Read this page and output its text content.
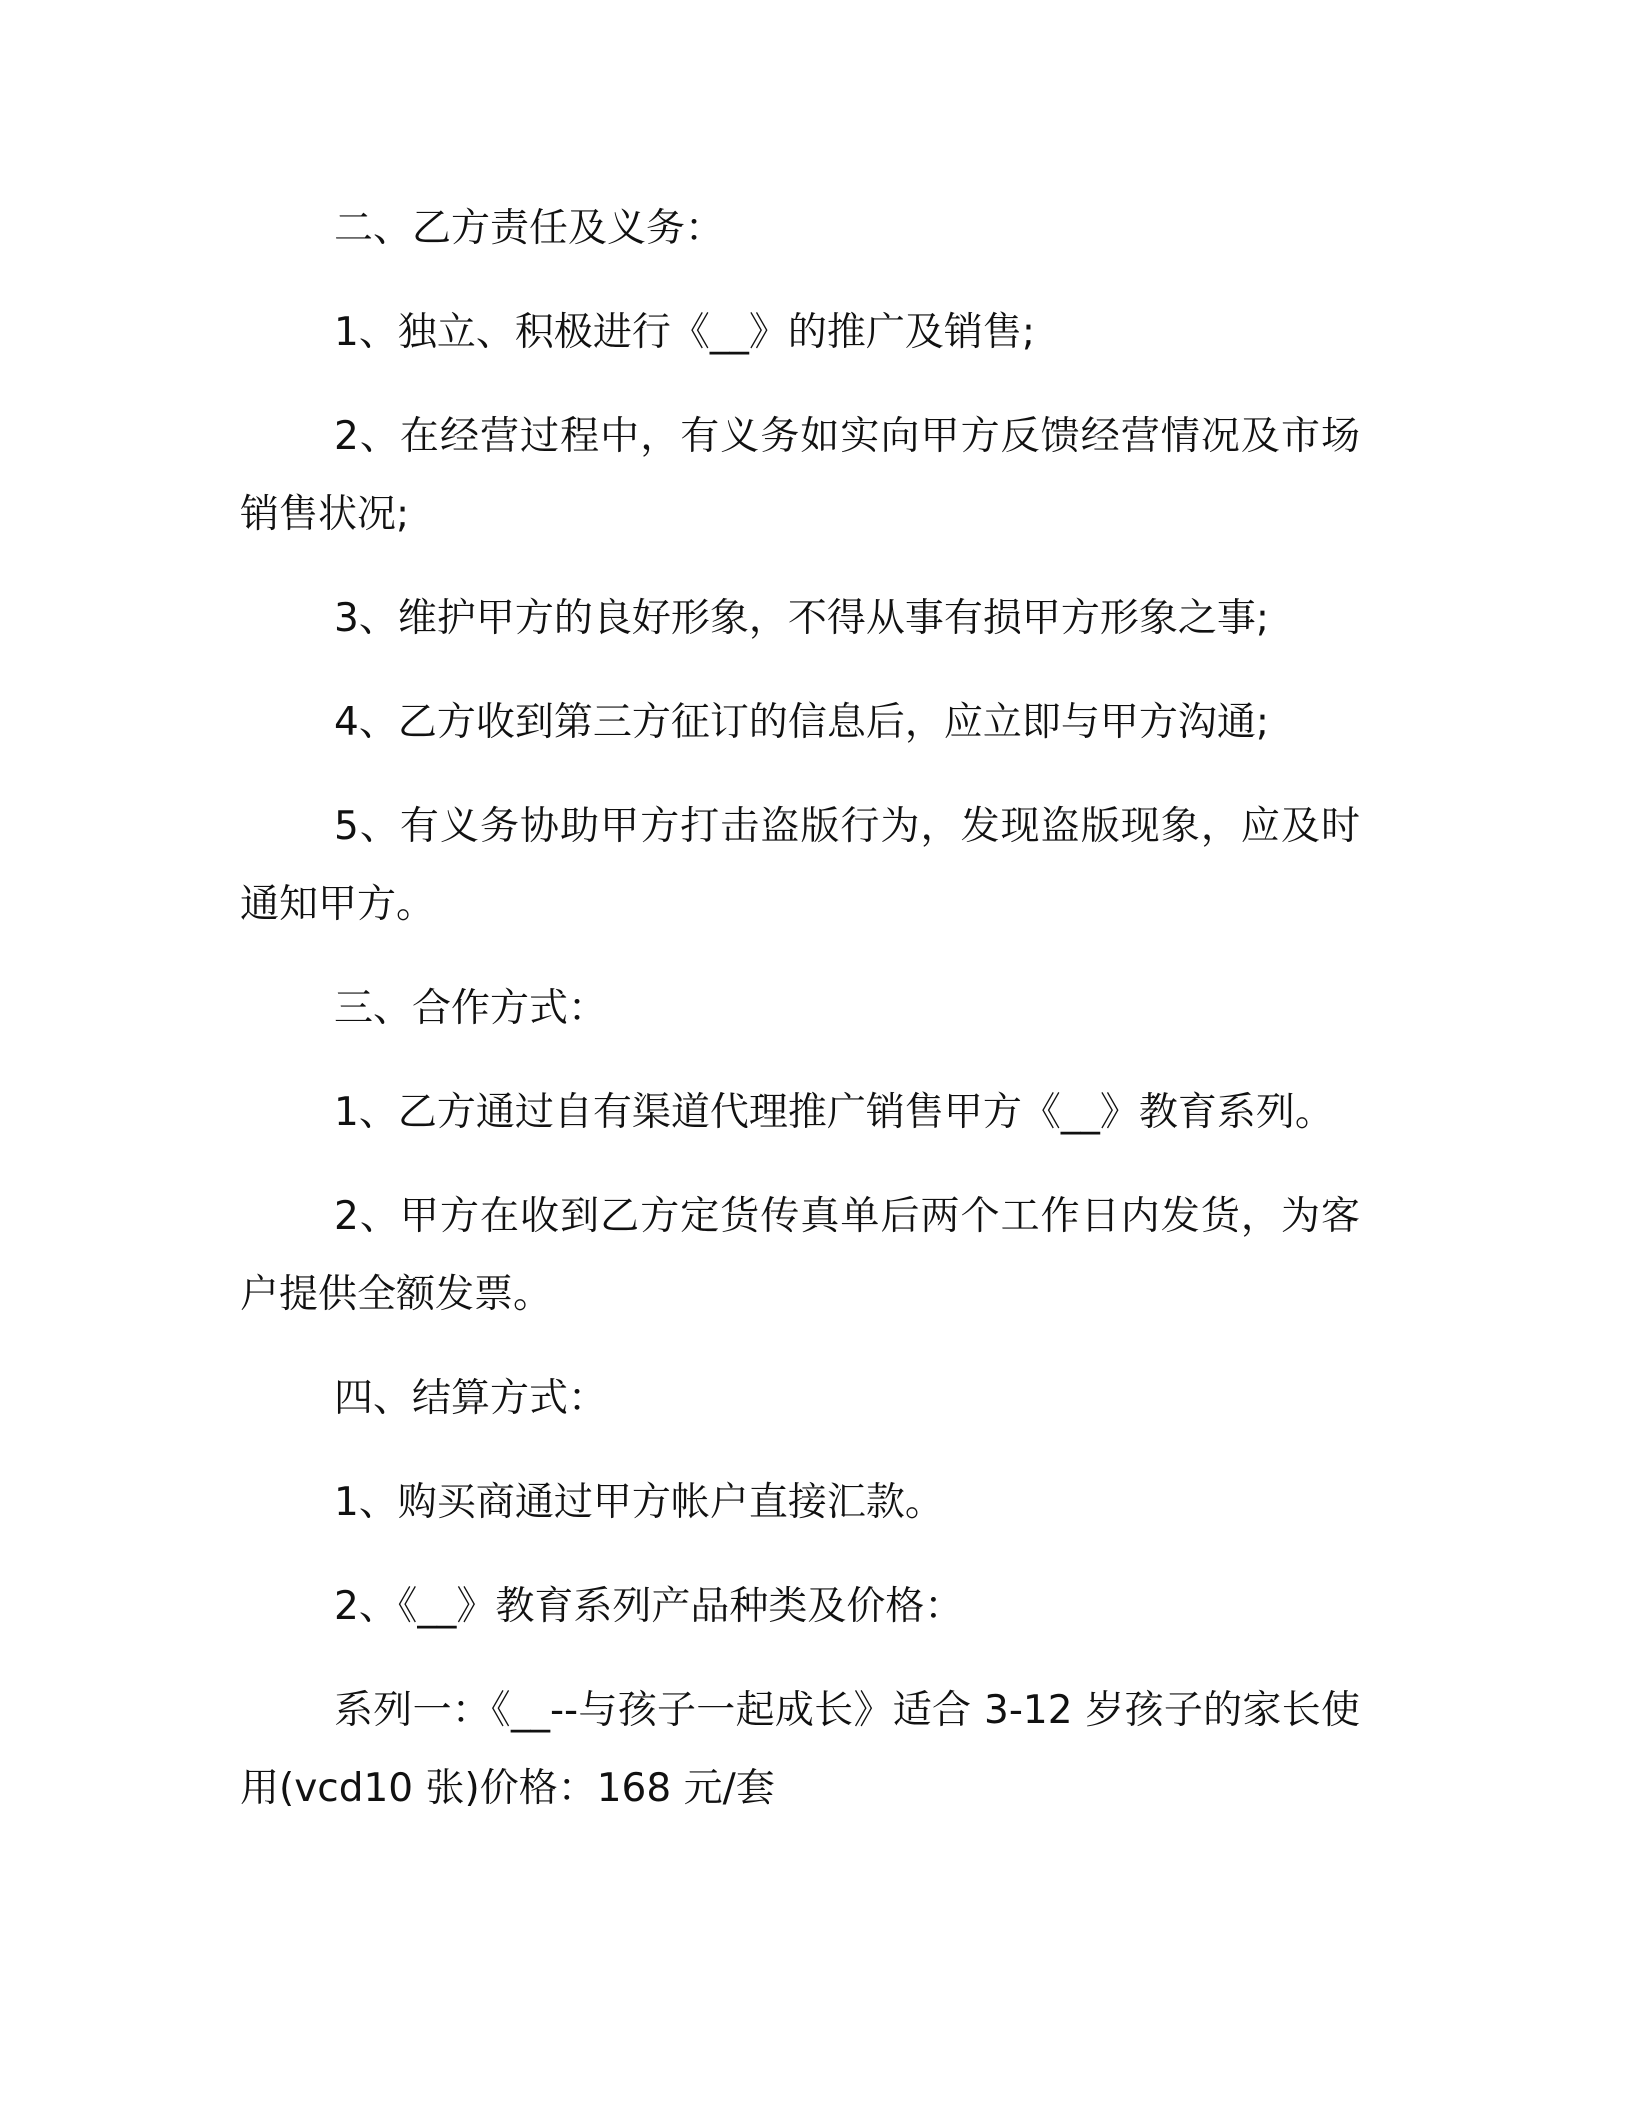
二、乙方责任及义务：

1、独立、积极进行《__》的推广及销售;

2、在经营过程中，有义务如实向甲方反馈经营情况及市场销售状况;

3、维护甲方的良好形象，不得从事有损甲方形象之事;

4、乙方收到第三方征订的信息后，应立即与甲方沟通;

5、有义务协助甲方打击盗版行为，发现盗版现象，应及时通知甲方。

三、合作方式：

1、乙方通过自有渠道代理推广销售甲方《__》教育系列。

2、甲方在收到乙方定货传真单后两个工作日内发货，为客户提供全额发票。

四、结算方式：

1、购买商通过甲方帐户直接汇款。

2、《__》教育系列产品种类及价格：

系列一：《__--与孩子一起成长》适合 3-12 岁孩子的家长使用(vcd10 张)价格：168 元/套
